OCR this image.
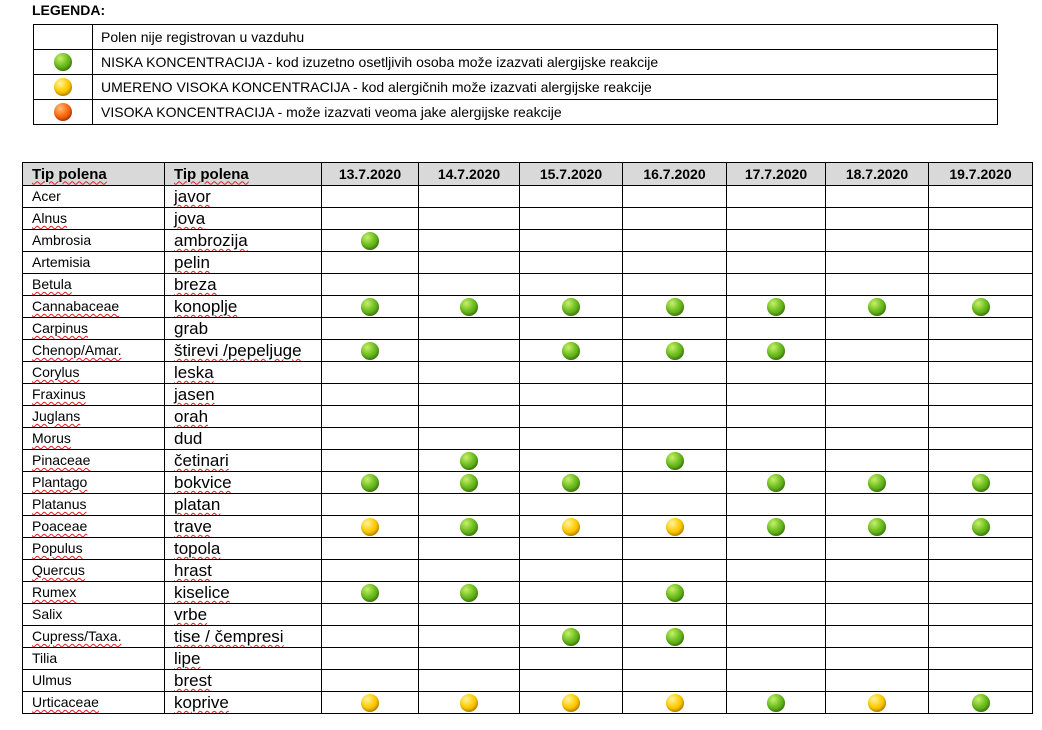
LEGENDA:
	Polen nije registrovan u vazduhu
	NISKA KONCENTRACIJA - kod izuzetno osetljivih osoba može izazvati alergijske reakcije
	UMERENO VISOKA KONCENTRACIJA - kod alergičnih može izazvati alergijske reakcije
	VISOKA KONCENTRACIJA - može izazvati veoma jake alergijske reakcije
Tip polena	Tip polena	13.7.2020	14.7.2020	15.7.2020	16.7.2020	17.7.2020	18.7.2020	19.7.2020
Acer	javor							
Alnus	jova							
Ambrosia	ambrozija							
Artemisia	pelin							
Betula	breza							
Cannabaceae	konoplje							
Carpinus	grab							
Chenop/Amar.	štirevi /pepeljuge							
Corylus	leska							
Fraxinus	jasen							
Juglans	orah							
Morus	dud							
Pinaceae	četinari							
Plantago	bokvice							
Platanus	platan							
Poaceae	trave							
Populus	topola							
Quercus	hrast							
Rumex	kiselice							
Salix	vrbe							
Cupress/Taxa.	tise / čempresi							
Tilia	lipe							
Ulmus	brest							
Urticaceae	koprive							
